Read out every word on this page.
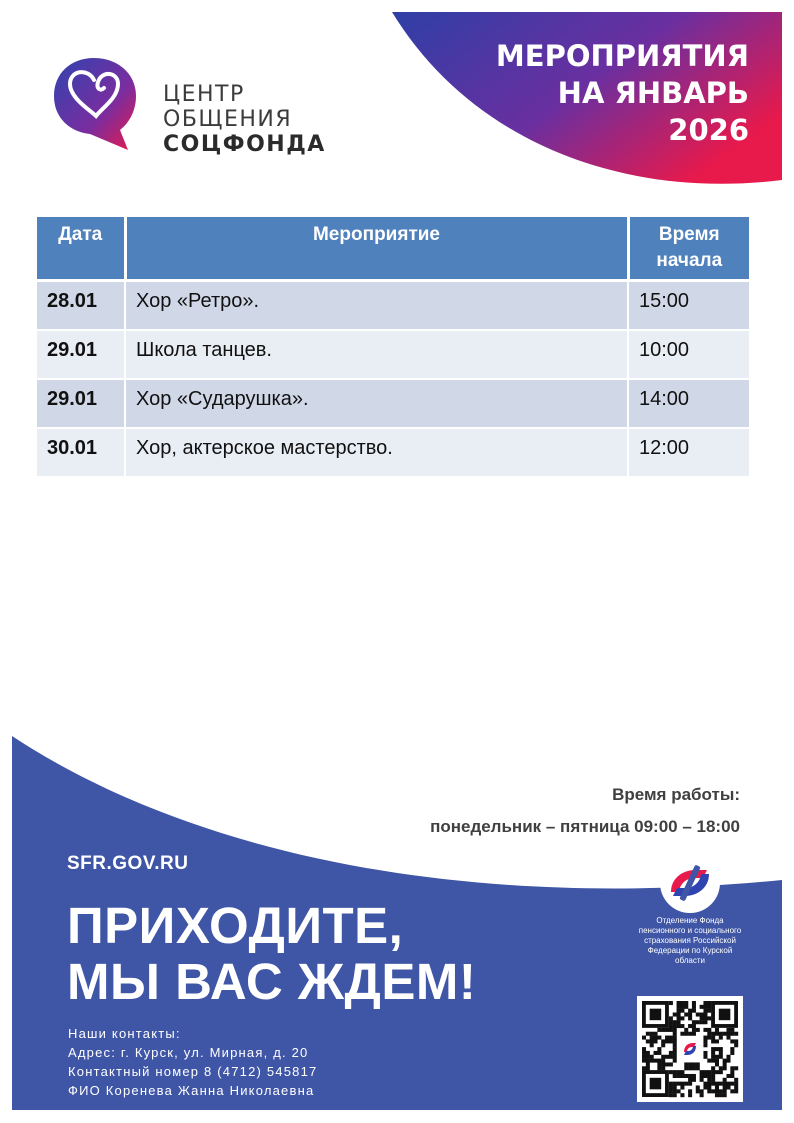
ЦЕНТР
ОБЩЕНИЯ
СОЦФОНДА
МЕРОПРИЯТИЯ
НА ЯНВАРЬ
2026
Дата	Мероприятие	Время начала
28.01	Хор «Ретро».	15:00
29.01	Школа танцев.	10:00
29.01	Хор «Сударушка».	14:00
30.01	Хор, актерское мастерство.	12:00
Время работы:
понедельник – пятница 09:00 – 18:00
SFR.GOV.RU
ПРИХОДИТЕ,
МЫ ВАС ЖДЕМ!
Наши контакты:
Адрес: г. Курск, ул. Мирная, д. 20
Контактный номер 8 (4712) 545817
ФИО Коренева Жанна Николаевна
Отделение Фонда пенсионного и социального страхования Российской Федерации по Курской области
